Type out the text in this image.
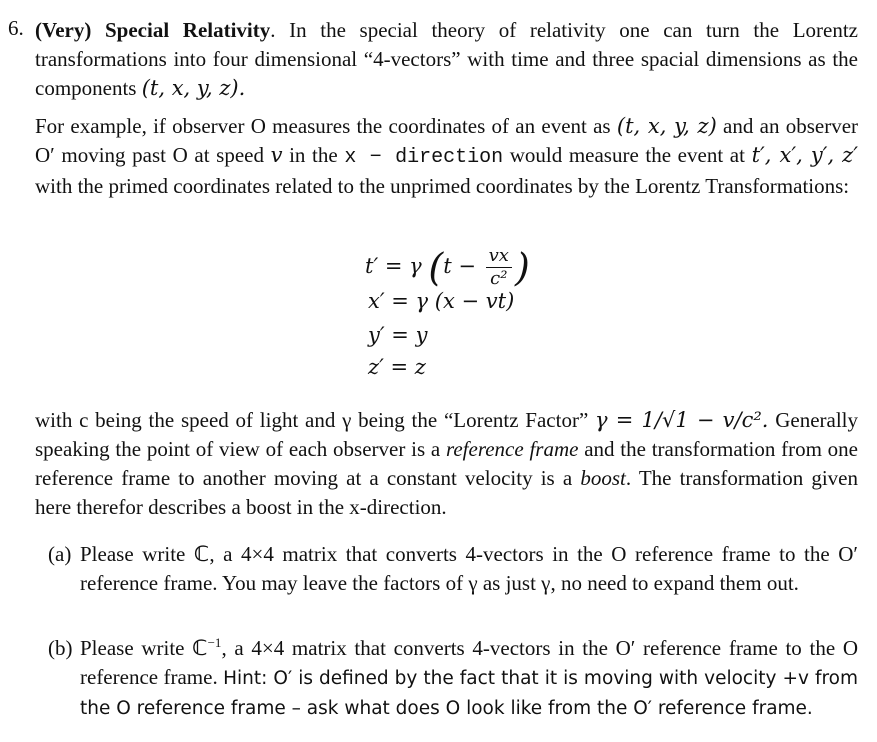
6. (Very) Special Relativity. In the special theory of relativity one can turn the Lorentz transformations into four dimensional “4-vectors” with time and three spacial dimensions as the components (t, x, y, z).
For example, if observer O measures the coordinates of an event as (t, x, y, z) and an observer O′ moving past O at speed v in the x − direction would measure the event at t′, x′, y′, z′ with the primed coordinates related to the unprimed coordinates by the Lorentz Transformations:
t′ = γ ($t - \frac{vx}{\text{c²}}$ )
x′ = γ (x − vt)
y′ = y
z′ = z
with c being the speed of light and γ being the “Lorentz Factor” γ = 1/√1 − v/c². Generally speaking the point of view of each observer is a reference frame and the transformation from one reference frame to another moving at a constant velocity is a boost. The transformation given here therefor describes a boost in the x-direction.
(a) Please write ℂ, a 4×4 matrix that converts 4-vectors in the O reference frame to the O′ reference frame. You may leave the factors of γ as just γ, no need to expand them out.
(b) Please write ℂ$^{-1}$, a 4×4 matrix that converts 4-vectors in the O′ reference frame to the O reference frame. Hint: O′ is defined by the fact that it is moving with velocity +v from the O reference frame – ask what does O look like from the O′ reference frame.
